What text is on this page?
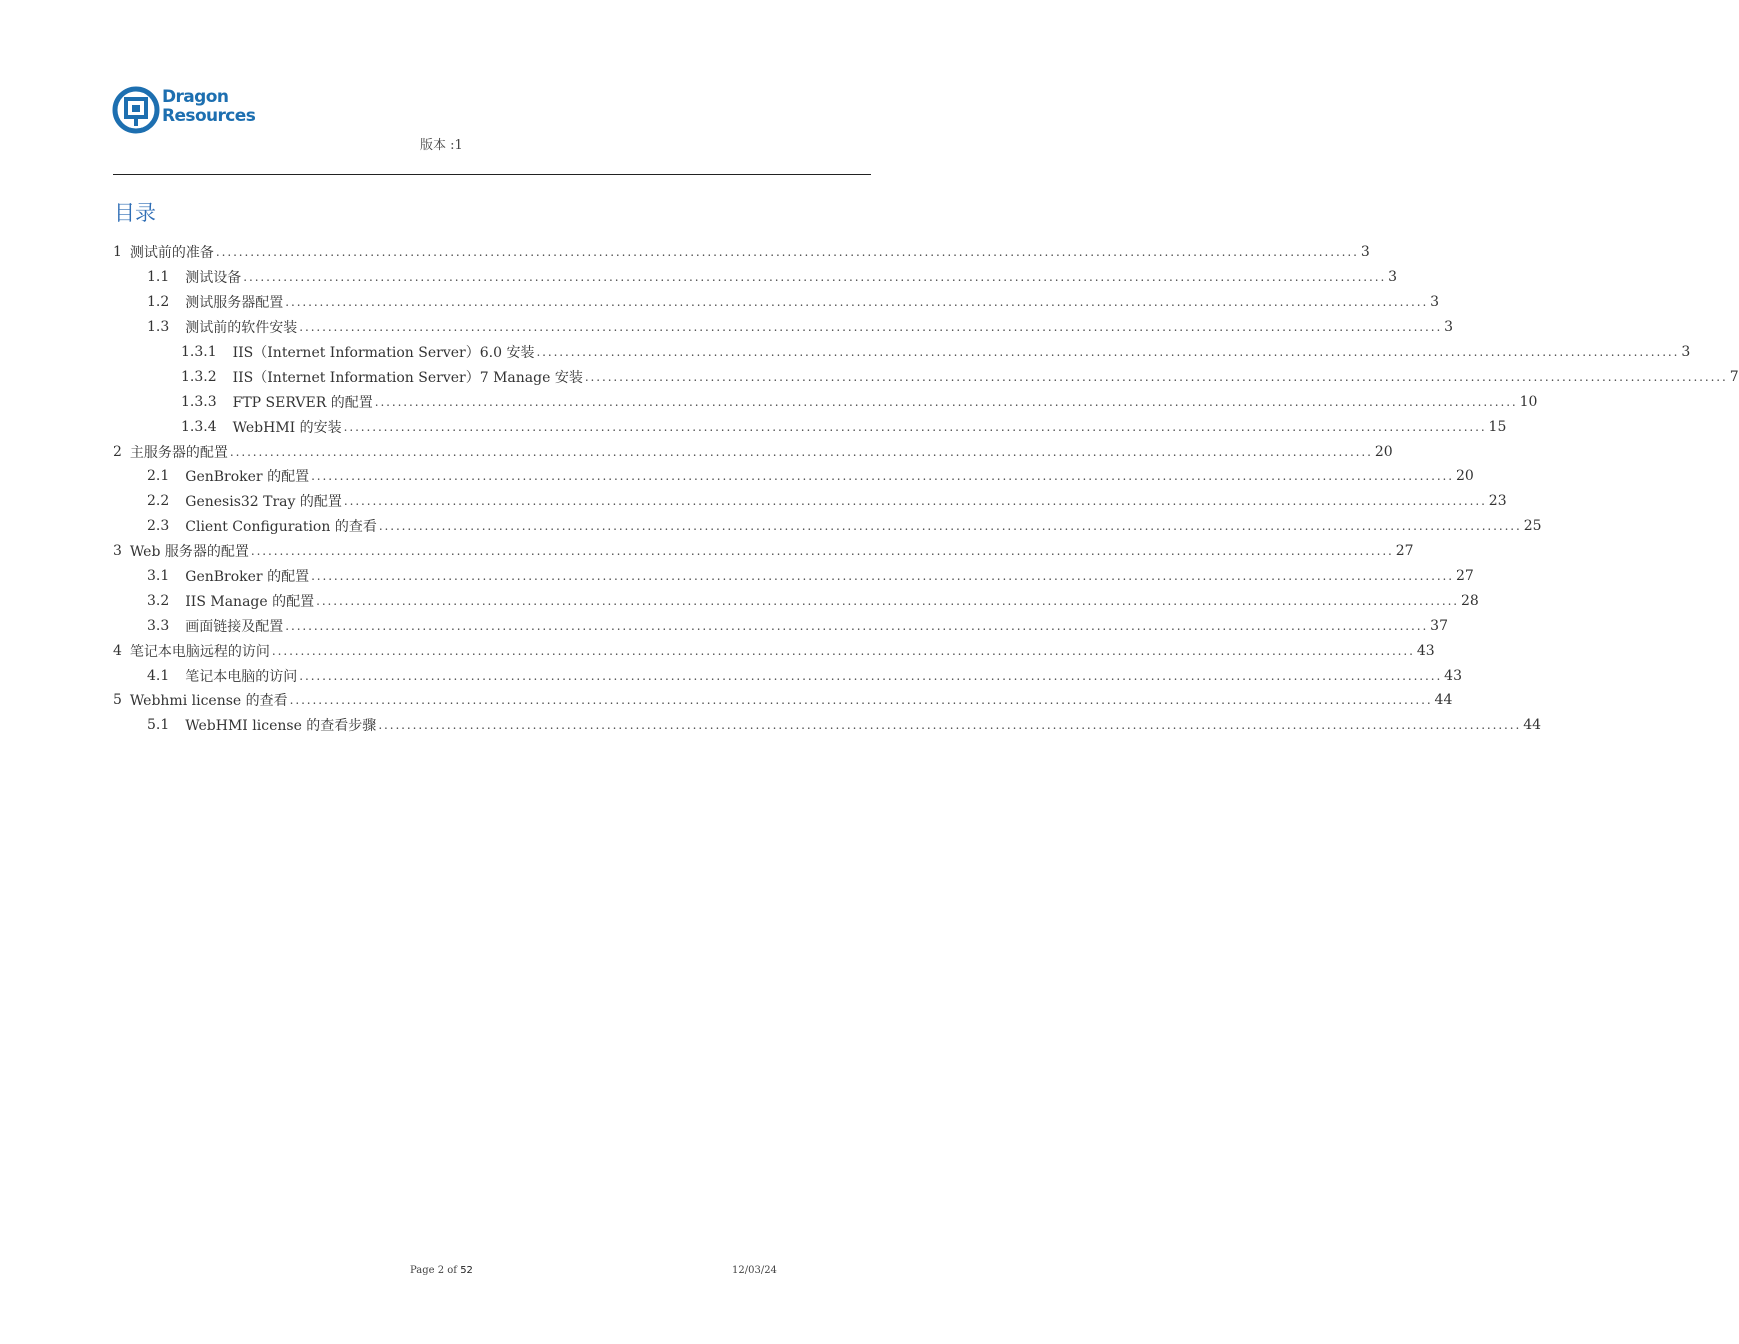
Dragon
Resources
版本 :1
目录
1 测试前的准备 ........................................................................................................................................................................................................ 3
1.1	测试设备 ........................................................................................................................................................................................................ 3
1.2	测试服务器配置 ........................................................................................................................................................................................................ 3
1.3	测试前的软件安装 ........................................................................................................................................................................................................ 3
1.3.1	IIS（Internet Information Server）6.0 安装 ........................................................................................................................................................................................................ 3
1.3.2	IIS（Internet Information Server）7 Manage 安装 ........................................................................................................................................................................................................ 7
1.3.3	FTP SERVER 的配置 ........................................................................................................................................................................................................ 10
1.3.4	WebHMI 的安装 ........................................................................................................................................................................................................ 15
2 主服务器的配置 ........................................................................................................................................................................................................ 20
2.1	GenBroker 的配置 ........................................................................................................................................................................................................ 20
2.2	Genesis32 Tray 的配置 ........................................................................................................................................................................................................ 23
2.3	Client Configuration 的查看 ........................................................................................................................................................................................................ 25
3 Web 服务器的配置 ........................................................................................................................................................................................................ 27
3.1	GenBroker 的配置 ........................................................................................................................................................................................................ 27
3.2	IIS Manage 的配置 ........................................................................................................................................................................................................ 28
3.3	画面链接及配置 ........................................................................................................................................................................................................ 37
4 笔记本电脑远程的访问 ........................................................................................................................................................................................................ 43
4.1	笔记本电脑的访问 ........................................................................................................................................................................................................ 43
5 Webhmi license 的查看 ........................................................................................................................................................................................................ 44
5.1	WebHMI license 的查看步骤 ........................................................................................................................................................................................................ 44
Page 2 of 52	12/03/24
